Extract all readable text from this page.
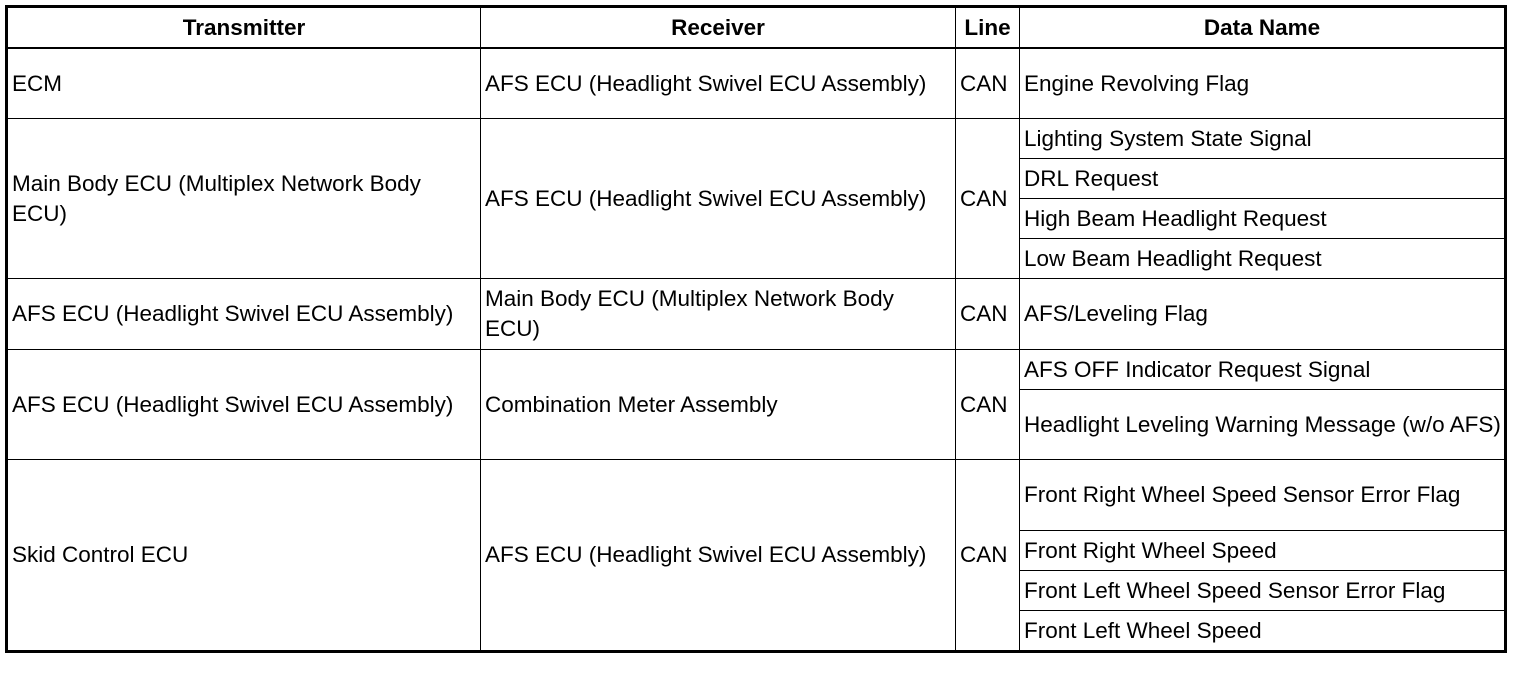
Transmitter	Receiver	Line	Data Name
ECM	AFS ECU (Headlight Swivel ECU Assembly)	CAN	Engine Revolving Flag
Main Body ECU (Multiplex Network Body ECU)	AFS ECU (Headlight Swivel ECU Assembly)	CAN	Lighting System State Signal
			DRL Request
			High Beam Headlight Request
			Low Beam Headlight Request
AFS ECU (Headlight Swivel ECU Assembly)	Main Body ECU (Multiplex Network Body ECU)	CAN	AFS/Leveling Flag
AFS ECU (Headlight Swivel ECU Assembly)	Combination Meter Assembly	CAN	AFS OFF Indicator Request Signal
			Headlight Leveling Warning Message (w/o AFS)
Skid Control ECU	AFS ECU (Headlight Swivel ECU Assembly)	CAN	Front Right Wheel Speed Sensor Error Flag
			Front Right Wheel Speed
			Front Left Wheel Speed Sensor Error Flag
			Front Left Wheel Speed
